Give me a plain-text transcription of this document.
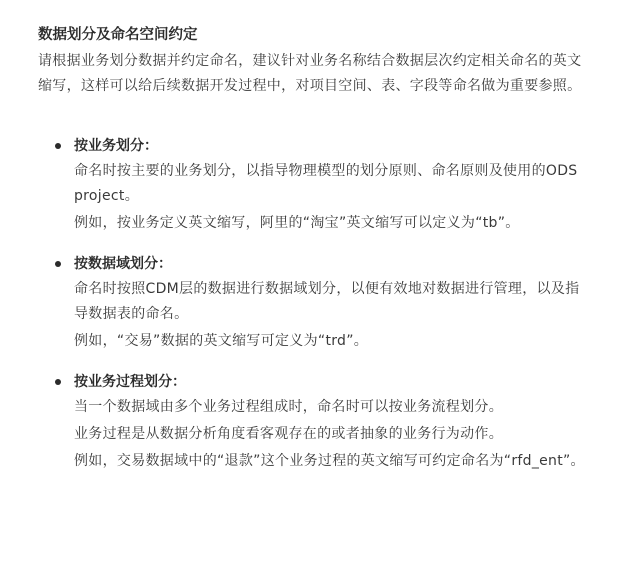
数据划分及命名空间约定

请根据业务划分数据并约定命名，建议针对业务名称结合数据层次约定相关命名的英文缩写，这样可以给后续数据开发过程中，对项目空间、表、字段等命名做为重要参照。

按业务划分：

命名时按主要的业务划分，以指导物理模型的划分原则、命名原则及使用的ODS project。

例如，按业务定义英文缩写，阿里的“淘宝”英文缩写可以定义为“tb”。

按数据域划分：

命名时按照CDM层的数据进行数据域划分，以便有效地对数据进行管理，以及指导数据表的命名。

例如，“交易”数据的英文缩写可定义为“trd”。

按业务过程划分：

当一个数据域由多个业务过程组成时，命名时可以按业务流程划分。

业务过程是从数据分析角度看客观存在的或者抽象的业务行为动作。

例如，交易数据域中的“退款”这个业务过程的英文缩写可约定命名为“rfd_ent”。
